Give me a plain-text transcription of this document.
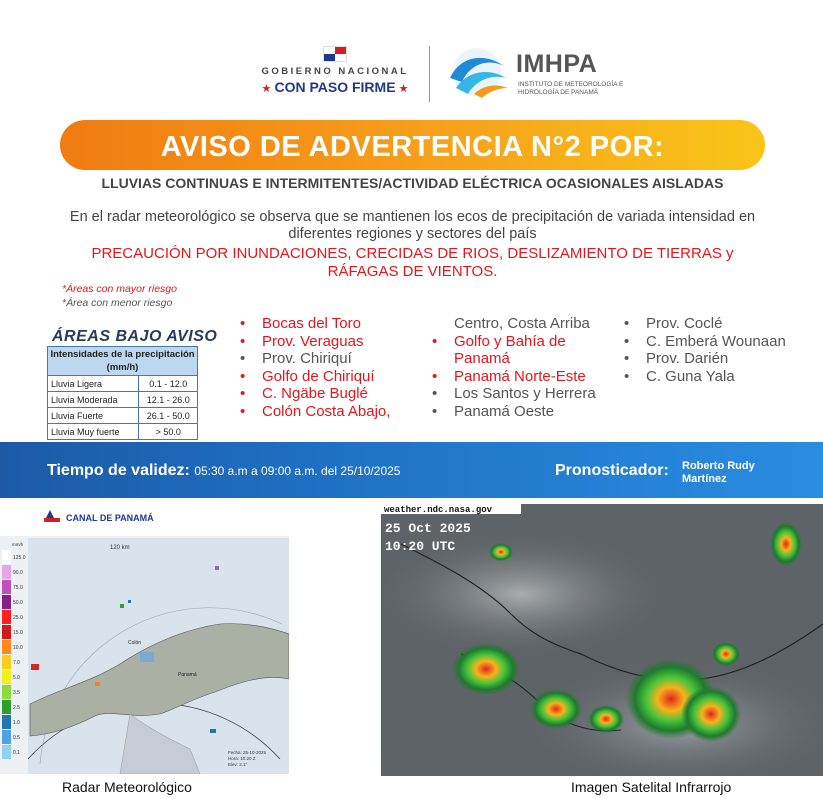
GOBIERNO NACIONAL
★ CON PASO FIRME ★
IMHPA
INSTITUTO DE METEOROLOGÍA E HIDROLOGÍA DE PANAMÁ
AVISO DE ADVERTENCIA N°2 POR:
LLUVIAS CONTINUAS E INTERMITENTES/ACTIVIDAD ELÉCTRICA OCASIONALES AISLADAS
En el radar meteorológico se observa que se mantienen los ecos de precipitación de variada intensidad en diferentes regiones y sectores del país
PRECAUCIÓN POR INUNDACIONES, CRECIDAS DE RIOS, DESLIZAMIENTO DE TIERRAS y RÁFAGAS DE VIENTOS.
*Áreas con mayor riesgo
*Área con menor riesgo
ÁREAS BAJO AVISO
Intensidades de la precipitación (mm/h)	
Lluvia Ligera	0.1 - 12.0
Lluvia Moderada	12.1 - 26.0
Lluvia Fuerte	26.1 - 50.0
Lluvia Muy fuerte	> 50.0
•	Bocas del Toro
•	Prov. Veraguas
•	Prov. Chiriquí
•	Golfo de Chiriquí
•	C. Ngäbe Buglé
•	Colón Costa Abajo,
Centro, Costa Arriba
•	Golfo y Bahía de
Panamá
•	Panamá Norte-Este
•	Los Santos y Herrera
•	Panamá Oeste
•	Prov. Coclé
•	C. Emberá Wounaan
•	Prov. Darién
•	C. Guna Yala
Tiempo de validez: 05:30 a.m a 09:00 a.m. del 25/10/2025	Pronosticador: Roberto Rudy
Martínez
CANAL DE PANAMÁ
120 km
Colón
Panamá
mm/h
125.0
90.0
75.0
50.0
25.0
15.0
10.0
7.0
5.0
3.5
2.5
1.0
0.5
0.1	Fecha: 25-10-2025
Hora: 10:20 Z
Elev: 2.1°
weather.ndc.nasa.gov
25 Oct 2025
10:20 UTC
Radar Meteorológico	Imagen Satelital Infrarrojo
